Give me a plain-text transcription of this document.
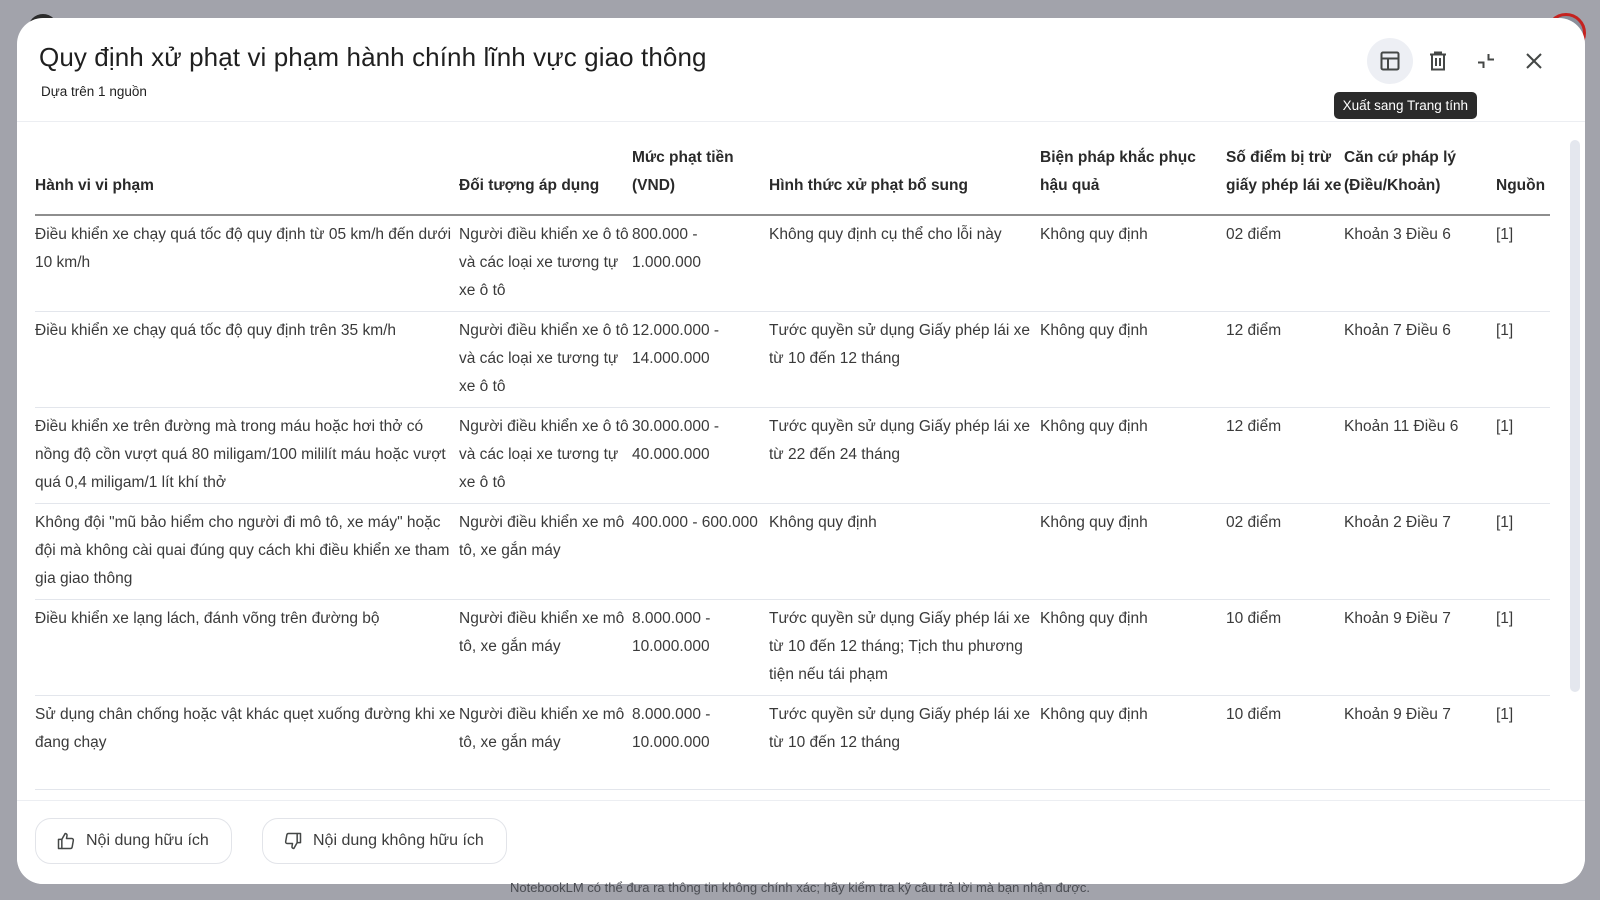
Quy định xử phạt vi phạm hành chính lĩnh vực giao thông
Dựa trên 1 nguồn
Xuất sang Trang tính
Hành vi vi phạm	Đối tượng áp dụng	Mức phạt tiền (VND)	Hình thức xử phạt bổ sung	Biện pháp khắc phục hậu quả	Số điểm bị trừ giấy phép lái xe	Căn cứ pháp lý (Điều/Khoản)	Nguồn
Điều khiển xe chạy quá tốc độ quy định từ 05 km/h đến dưới 10 km/h	Người điều khiển xe ô tô và các loại xe tương tự xe ô tô	800.000 - 1.000.000	Không quy định cụ thể cho lỗi này	Không quy định	02 điểm	Khoản 3 Điều 6	[1]
Điều khiển xe chạy quá tốc độ quy định trên 35 km/h	Người điều khiển xe ô tô và các loại xe tương tự xe ô tô	12.000.000 - 14.000.000	Tước quyền sử dụng Giấy phép lái xe từ 10 đến 12 tháng	Không quy định	12 điểm	Khoản 7 Điều 6	[1]
Điều khiển xe trên đường mà trong máu hoặc hơi thở có nồng độ cồn vượt quá 80 miligam/100 mililít máu hoặc vượt quá 0,4 miligam/1 lít khí thở	Người điều khiển xe ô tô và các loại xe tương tự xe ô tô	30.000.000 - 40.000.000	Tước quyền sử dụng Giấy phép lái xe từ 22 đến 24 tháng	Không quy định	12 điểm	Khoản 11 Điều 6	[1]
Không đội "mũ bảo hiểm cho người đi mô tô, xe máy" hoặc đội mà không cài quai đúng quy cách khi điều khiển xe tham gia giao thông	Người điều khiển xe mô tô, xe gắn máy	400.000 - 600.000	Không quy định	Không quy định	02 điểm	Khoản 2 Điều 7	[1]
Điều khiển xe lạng lách, đánh võng trên đường bộ	Người điều khiển xe mô tô, xe gắn máy	8.000.000 - 10.000.000	Tước quyền sử dụng Giấy phép lái xe từ 10 đến 12 tháng; Tịch thu phương tiện nếu tái phạm	Không quy định	10 điểm	Khoản 9 Điều 7	[1]
Sử dụng chân chống hoặc vật khác quẹt xuống đường khi xe đang chạy	Người điều khiển xe mô tô, xe gắn máy	8.000.000 - 10.000.000	Tước quyền sử dụng Giấy phép lái xe từ 10 đến 12 tháng	Không quy định	10 điểm	Khoản 9 Điều 7	[1]
Nội dung hữu ích	Nội dung không hữu ích
NotebookLM có thể đưa ra thông tin không chính xác; hãy kiểm tra kỹ câu trả lời mà bạn nhận được.
